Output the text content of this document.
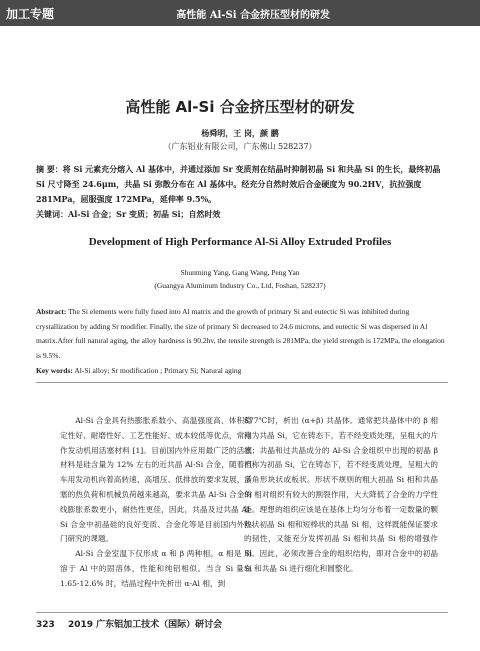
加工专题	高性能 Al-Si 合金挤压型材的研发
高性能 Al-Si 合金挤压型材的研发
杨舜明，王 岗，颜 鹏
（广东铝业有限公司，广东佛山 528237）
摘 要：将 Si 元素充分熔入 Al 基体中，并通过添加 Sr 变质剂在结晶时抑制初晶 Si 和共晶 Si 的生长，最终初晶 Si 尺寸降至 24.6μm，共晶 Si 弥散分布在 Al 基体中。经充分自然时效后合金硬度为 90.2HV，抗拉强度 281MPa，屈服强度 172MPa，延伸率 9.5%。
关键词：Al-Si 合金；Sr 变质；初晶 Si；自然时效
Development of High Performance Al-Si Alloy Extruded Profiles
Shunming Yang, Gang Wang, Peng Yan
(Guangya Aluminum Industry Co., Ltd, Foshan, 528237)
Abstract: The Si elements were fully fused into Al matrix and the growth of primary Si and eutectic Si was inhibited during crystallization by adding Sr modifier. Finally, the size of primary Si decreased to 24.6 microns, and eutectic Si was dispersed in Al matrix.After full natural aging, the alloy hardness is 90.2hv, the tensile strength is 281MPa, the yield strength is 172MPa, the elongation is 9.5%.
Key words: Al-Si alloy; Sr modification ; Primary Si; Natural aging

Al-Si 合金具有热膨胀系数小、高温强度高、体积稳定性好、耐磨性好、工艺性能好、成本较低等优点，常用作发动机用活塞材料 [1]。目前国内外应用最广泛的活塞材料是硅含量为 12% 左右的近共晶 Al-Si 合金，随着汽车用发动机向着高转速、高增压、低排放的要求发展，活塞的热负荷和机械负荷越来越高，要求共晶 Al-Si 合金的线膨胀系数更小，耐热性更佳，因此，共晶及过共晶 Al-Si 合金中初晶硅的良好变质、合金化等是目前国内外热门研究的课题。

Al-Si 合金室温下仅形成 α 和 β 两种相。α 相是 Si 溶于 Al 中的固溶体，性能和纯铝相似。当含 Si 量在 1.65-12.6% 时，结晶过程中先析出 α-Al 相，到

577℃时，析出 (α+β) 共晶体。通常把共晶体中的 β 相称为共晶 Si，它在铸态下，若不经变质处理，呈粗大的片状；共晶和过共晶成分的 Al-Si 合金组织中出现的初晶 β 相称为初晶 Si，它在铸态下，若不经变质处理，呈粗大的多角形块状或板状。形状不规则的粗大初晶 Si 相和共晶 Si 相对组织有较大的割裂作用，大大降低了合金的力学性能。理想的组织应该是在基体上均匀分布着一定数量的颗粒状初晶 Si 相和短棒状的共晶 Si 相，这样既能保证要求的韧性，又能充分发挥初晶 Si 相和共晶 Si 相的增强作用。因此，必须改善合金的组织结构，即对合金中的初晶 Si 和共晶 Si 进行细化和圆整化。

323 2019 广东铝加工技术（国际）研讨会
